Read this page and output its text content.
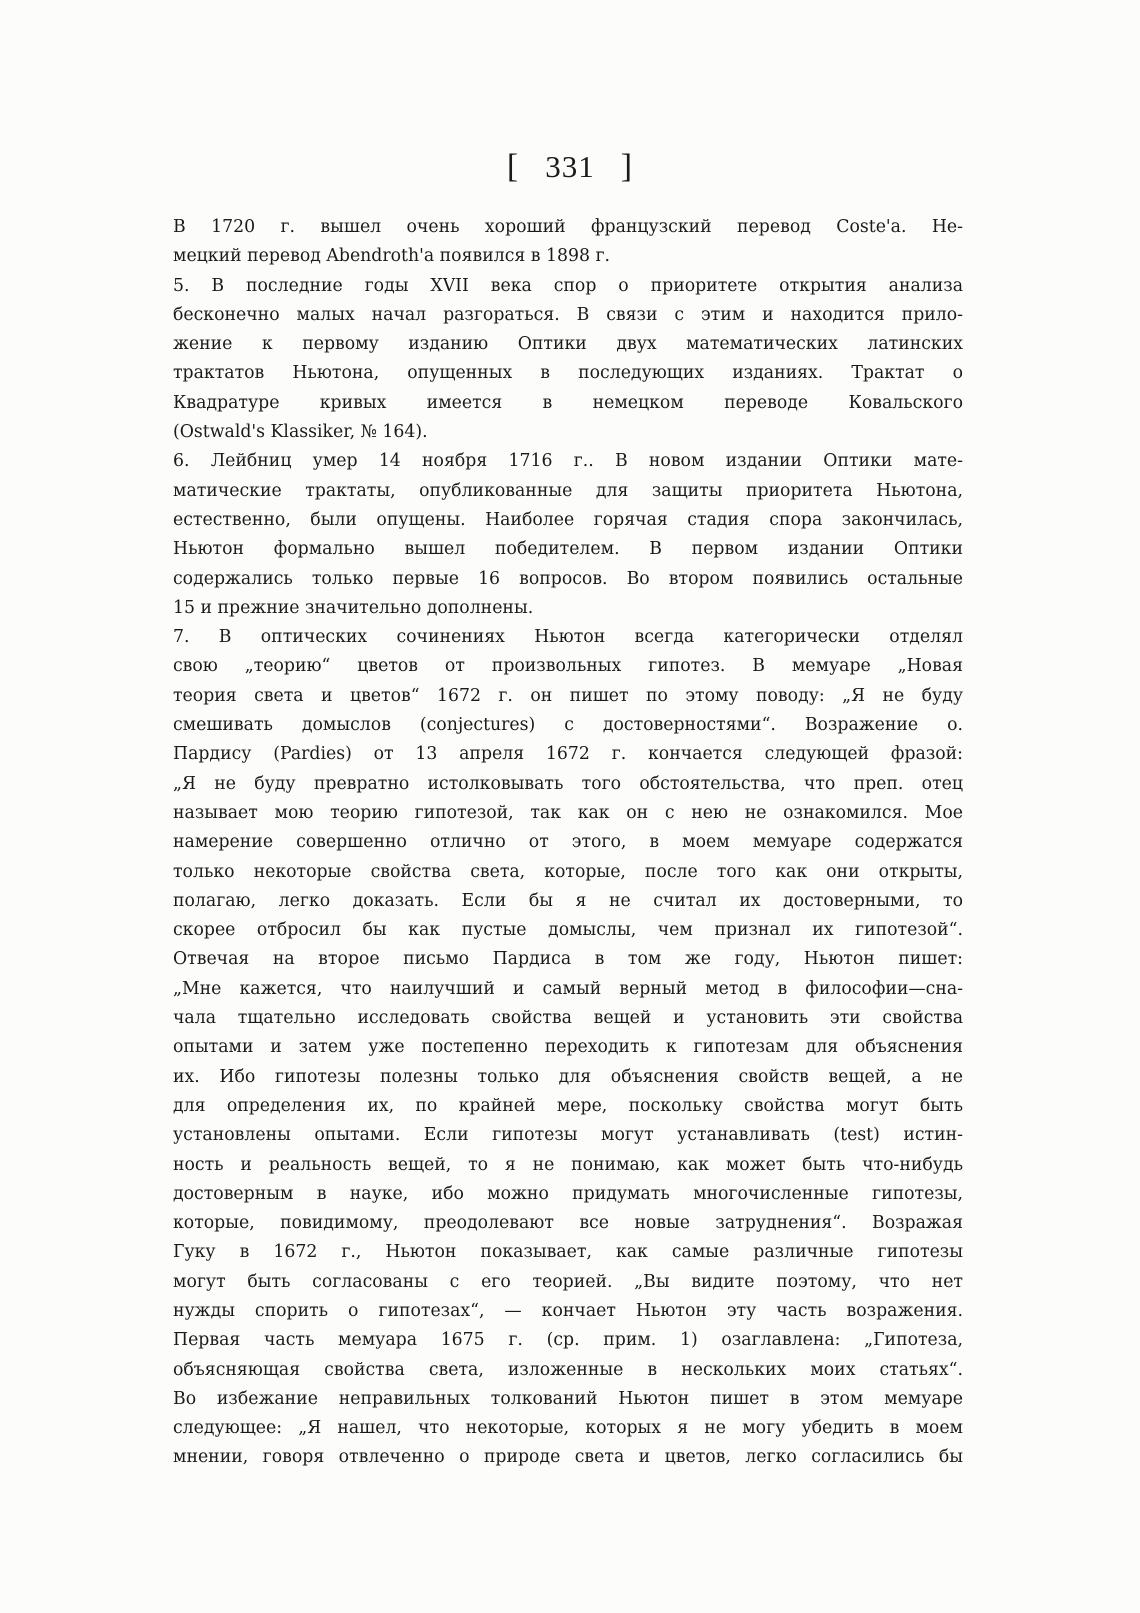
[ 331 ]
В 1720 г. вышел очень хороший французский перевод Coste'a. Не-
мецкий перевод Abendroth'a появился в 1898 г.
5. В последние годы XVII века спор о приоритете открытия анализа
бесконечно малых начал разгораться. В связи с этим и находится прило-
жение к первому изданию Оптики двух математических латинских
трактатов Ньютона, опущенных в последующих изданиях. Трактат о
Квадратуре кривых имеется в немецком переводе Ковальского
(Ostwald's Klassiker, № 164).
6. Лейбниц умер 14 ноября 1716 г.. В новом издании Оптики мате-
матические трактаты, опубликованные для защиты приоритета Ньютона,
естественно, были опущены. Наиболее горячая стадия спора закончилась,
Ньютон формально вышел победителем. В первом издании Оптики
содержались только первые 16 вопросов. Во втором появились остальные
15 и прежние значительно дополнены.
7. В оптических сочинениях Ньютон всегда категорически отделял
свою „теорию“ цветов от произвольных гипотез. В мемуаре „Новая
теория света и цветов“ 1672 г. он пишет по этому поводу: „Я не буду
смешивать домыслов (conjectures) с достоверностями“. Возражение о.
Пардису (Pardies) от 13 апреля 1672 г. кончается следующей фразой:
„Я не буду превратно истолковывать того обстоятельства, что преп. отец
называет мою теорию гипотезой, так как он с нею не ознакомился. Мое
намерение совершенно отлично от этого, в моем мемуаре содержатся
только некоторые свойства света, которые, после того как они открыты,
полагаю, легко доказать. Если бы я не считал их достоверными, то
скорее отбросил бы как пустые домыслы, чем признал их гипотезой“.
Отвечая на второе письмо Пардиса в том же году, Ньютон пишет:
„Мне кажется, что наилучший и самый верный метод в философии—сна-
чала тщательно исследовать свойства вещей и установить эти свойства
опытами и затем уже постепенно переходить к гипотезам для объяснения
их. Ибо гипотезы полезны только для объяснения свойств вещей, а не
для определения их, по крайней мере, поскольку свойства могут быть
установлены опытами. Если гипотезы могут устанавливать (test) истин-
ность и реальность вещей, то я не понимаю, как может быть что-нибудь
достоверным в науке, ибо можно придумать многочисленные гипотезы,
которые, повидимому, преодолевают все новые затруднения“. Возражая
Гуку в 1672 г., Ньютон показывает, как самые различные гипотезы
могут быть согласованы с его теорией. „Вы видите поэтому, что нет
нужды спорить о гипотезах“, — кончает Ньютон эту часть возражения.
Первая часть мемуара 1675 г. (ср. прим. 1) озаглавлена: „Гипотеза,
объясняющая свойства света, изложенные в нескольких моих статьях“.
Во избежание неправильных толкований Ньютон пишет в этом мемуаре
следующее: „Я нашел, что некоторые, которых я не могу убедить в моем
мнении, говоря отвлеченно о природе света и цветов, легко согласились бы
